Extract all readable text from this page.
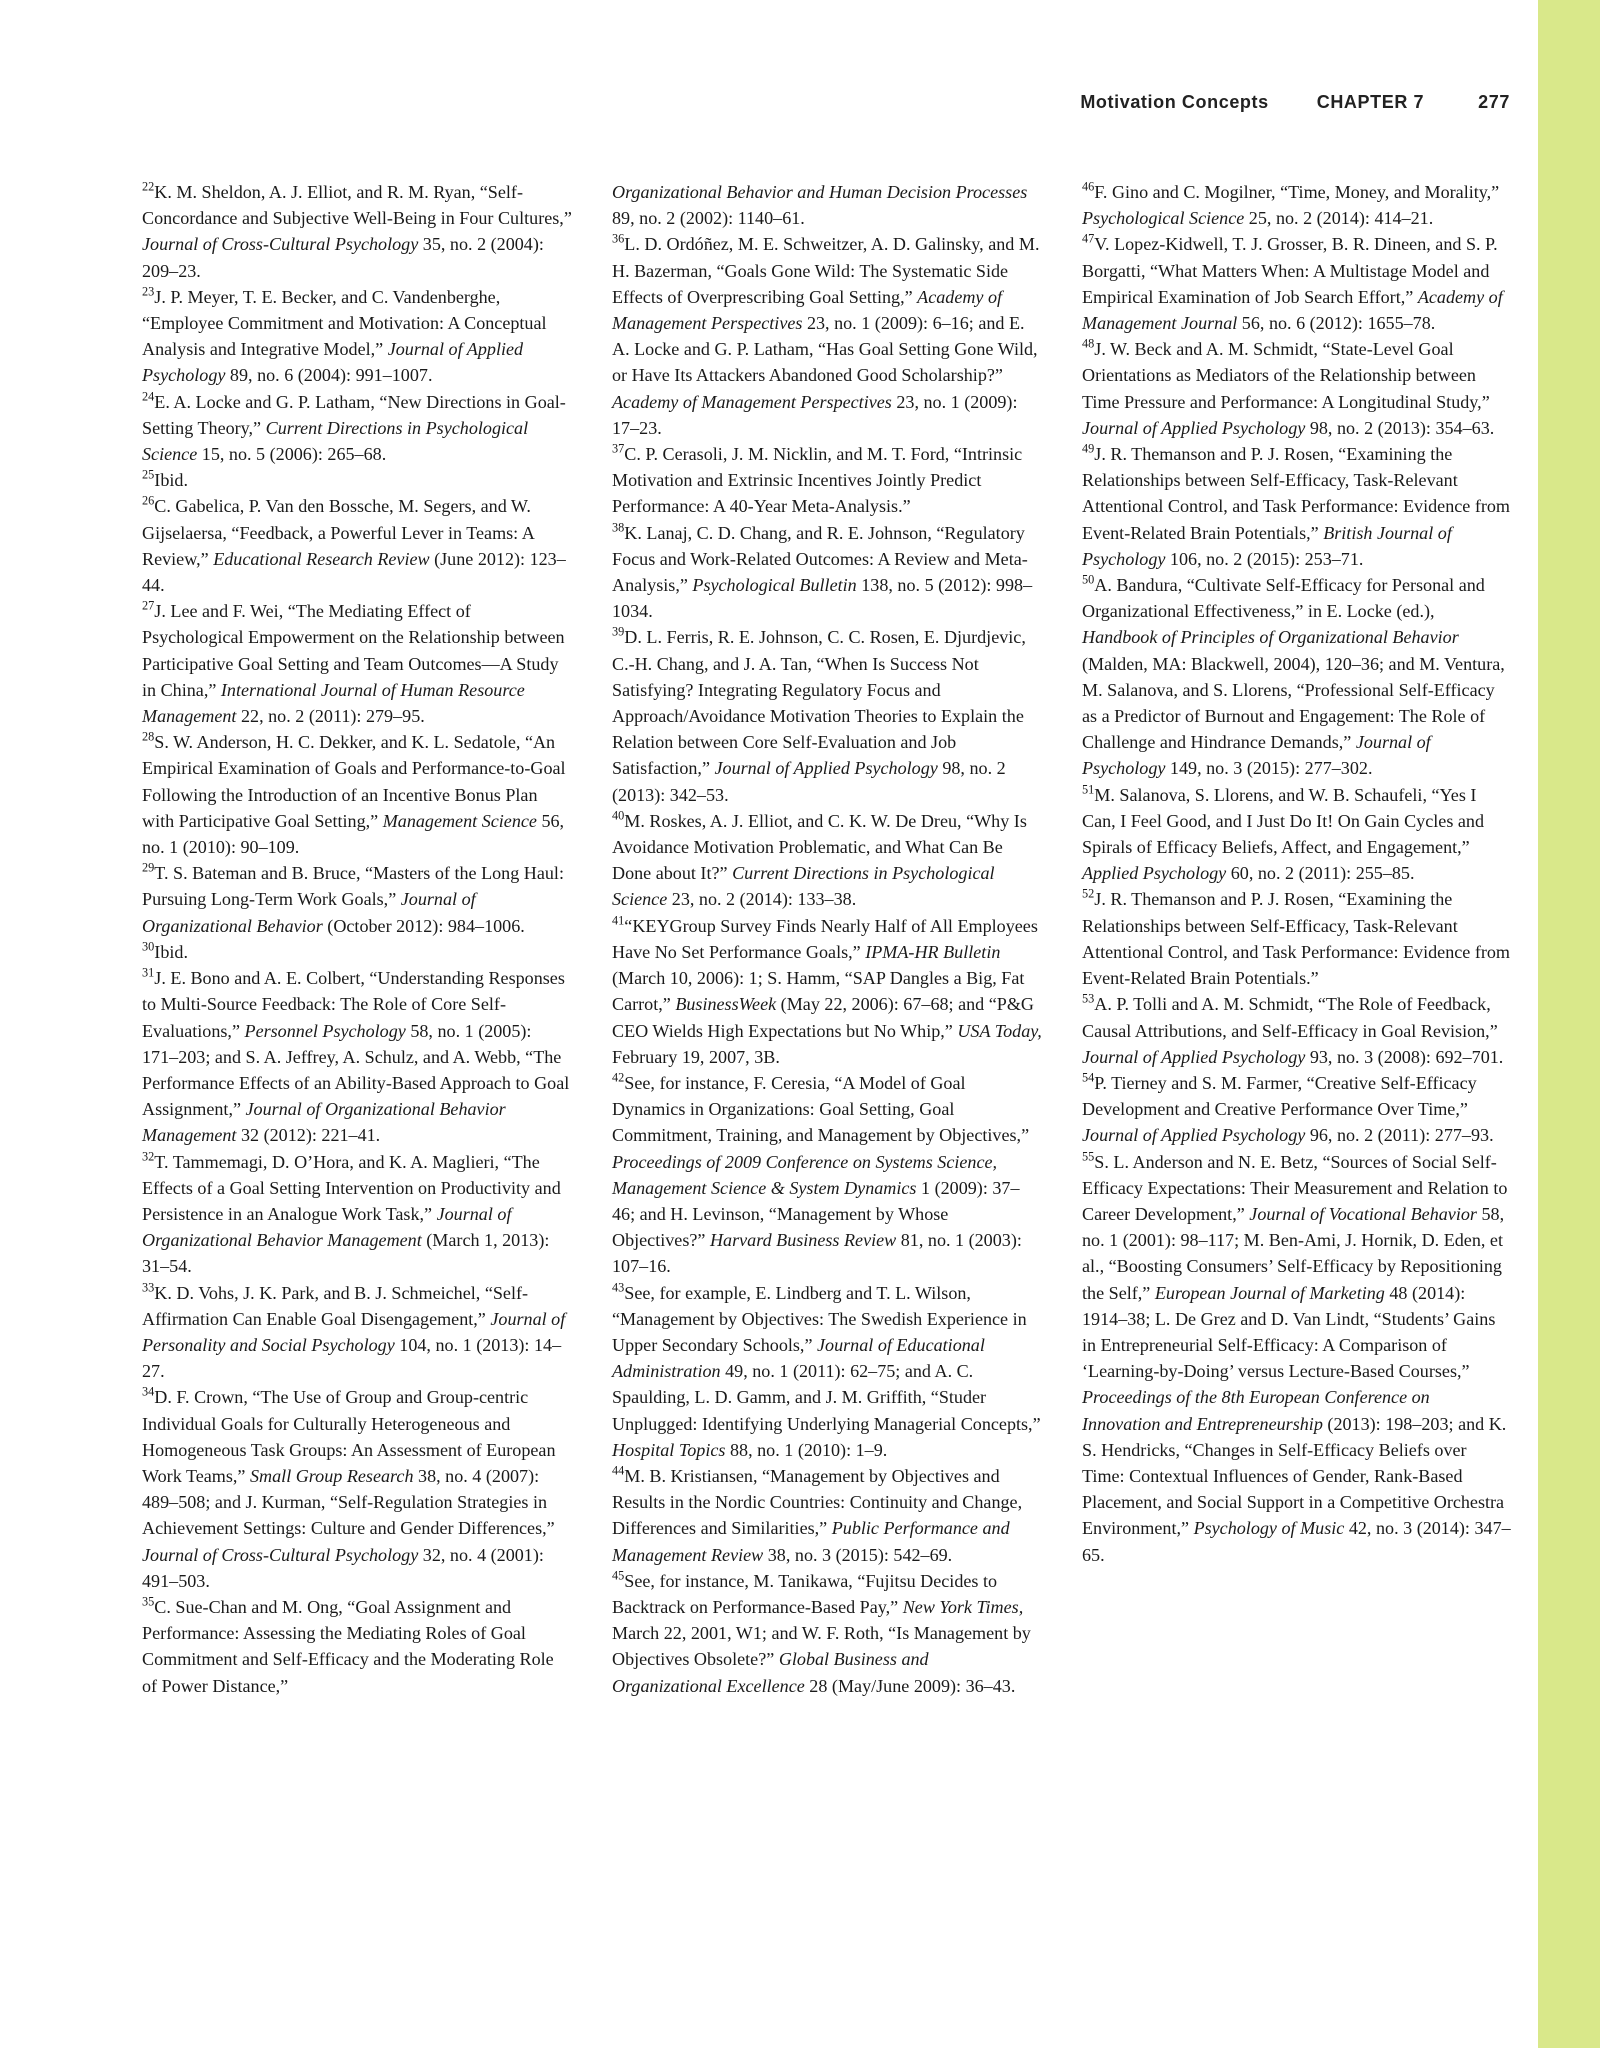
Motivation Concepts	CHAPTER 7	277

$^{22}$K. M. Sheldon, A. J. Elliot, and R. M. Ryan, “Self-Concordance and Subjective Well-Being in Four Cultures,” Journal of Cross-Cultural Psychology 35, no. 2 (2004): 209–23.

$^{23}$J. P. Meyer, T. E. Becker, and C. Vandenberghe, “Employee Commitment and Motivation: A Conceptual Analysis and Integrative Model,” Journal of Applied Psychology 89, no. 6 (2004): 991–1007.

$^{24}$E. A. Locke and G. P. Latham, “New Directions in Goal-Setting Theory,” Current Directions in Psychological Science 15, no. 5 (2006): 265–68.

$^{25}$Ibid.

$^{26}$C. Gabelica, P. Van den Bossche, M. Segers, and W. Gijselaersa, “Feedback, a Powerful Lever in Teams: A Review,” Educational Research Review (June 2012): 123–44.

$^{27}$J. Lee and F. Wei, “The Mediating Effect of Psychological Empowerment on the Relationship between Participative Goal Setting and Team Outcomes—A Study in China,” International Journal of Human Resource Management 22, no. 2 (2011): 279–95.

$^{28}$S. W. Anderson, H. C. Dekker, and K. L. Sedatole, “An Empirical Examination of Goals and Performance-to-Goal Following the Introduction of an Incentive Bonus Plan with Participative Goal Setting,” Management Science 56, no. 1 (2010): 90–109.

$^{29}$T. S. Bateman and B. Bruce, “Masters of the Long Haul: Pursuing Long-Term Work Goals,” Journal of Organizational Behavior (October 2012): 984–1006.

$^{30}$Ibid.

$^{31}$J. E. Bono and A. E. Colbert, “Understanding Responses to Multi-Source Feedback: The Role of Core Self-Evaluations,” Personnel Psychology 58, no. 1 (2005): 171–203; and S. A. Jeffrey, A. Schulz, and A. Webb, “The Performance Effects of an Ability-Based Approach to Goal Assignment,” Journal of Organizational Behavior Management 32 (2012): 221–41.

$^{32}$T. Tammemagi, D. O’Hora, and K. A. Maglieri, “The Effects of a Goal Setting Intervention on Productivity and Persistence in an Analogue Work Task,” Journal of Organizational Behavior Management (March 1, 2013): 31–54.

$^{33}$K. D. Vohs, J. K. Park, and B. J. Schmeichel, “Self-Affirmation Can Enable Goal Disengagement,” Journal of Personality and Social Psychology 104, no. 1 (2013): 14–27.

$^{34}$D. F. Crown, “The Use of Group and Group-centric Individual Goals for Culturally Heterogeneous and Homogeneous Task Groups: An Assessment of European Work Teams,” Small Group Research 38, no. 4 (2007): 489–508; and J. Kurman, “Self-Regulation Strategies in Achievement Settings: Culture and Gender Differences,” Journal of Cross-Cultural Psychology 32, no. 4 (2001): 491–503.

$^{35}$C. Sue-Chan and M. Ong, “Goal Assignment and Performance: Assessing the Mediating Roles of Goal Commitment and Self-Efficacy and the Moderating Role of Power Distance,”

Organizational Behavior and Human Decision Processes 89, no. 2 (2002): 1140–61.

$^{36}$L. D. Ordóñez, M. E. Schweitzer, A. D. Galinsky, and M. H. Bazerman, “Goals Gone Wild: The Systematic Side Effects of Overprescribing Goal Setting,” Academy of Management Perspectives 23, no. 1 (2009): 6–16; and E. A. Locke and G. P. Latham, “Has Goal Setting Gone Wild, or Have Its Attackers Abandoned Good Scholarship?” Academy of Management Perspectives 23, no. 1 (2009): 17–23.

$^{37}$C. P. Cerasoli, J. M. Nicklin, and M. T. Ford, “Intrinsic Motivation and Extrinsic Incentives Jointly Predict Performance: A 40-Year Meta-Analysis.”

$^{38}$K. Lanaj, C. D. Chang, and R. E. Johnson, “Regulatory Focus and Work-Related Outcomes: A Review and Meta-Analysis,” Psychological Bulletin 138, no. 5 (2012): 998–1034.

$^{39}$D. L. Ferris, R. E. Johnson, C. C. Rosen, E. Djurdjevic, C.-H. Chang, and J. A. Tan, “When Is Success Not Satisfying? Integrating Regulatory Focus and Approach/Avoidance Motivation Theories to Explain the Relation between Core Self-Evaluation and Job Satisfaction,” Journal of Applied Psychology 98, no. 2 (2013): 342–53.

$^{40}$M. Roskes, A. J. Elliot, and C. K. W. De Dreu, “Why Is Avoidance Motivation Problematic, and What Can Be Done about It?” Current Directions in Psychological Science 23, no. 2 (2014): 133–38.

$^{41}$“KEYGroup Survey Finds Nearly Half of All Employees Have No Set Performance Goals,” IPMA-HR Bulletin (March 10, 2006): 1; S. Hamm, “SAP Dangles a Big, Fat Carrot,” BusinessWeek (May 22, 2006): 67–68; and “P&G CEO Wields High Expectations but No Whip,” USA Today, February 19, 2007, 3B.

$^{42}$See, for instance, F. Ceresia, “A Model of Goal Dynamics in Organizations: Goal Setting, Goal Commitment, Training, and Management by Objectives,” Proceedings of 2009 Conference on Systems Science, Management Science & System Dynamics 1 (2009): 37–46; and H. Levinson, “Management by Whose Objectives?” Harvard Business Review 81, no. 1 (2003): 107–16.

$^{43}$See, for example, E. Lindberg and T. L. Wilson, “Management by Objectives: The Swedish Experience in Upper Secondary Schools,” Journal of Educational Administration 49, no. 1 (2011): 62–75; and A. C. Spaulding, L. D. Gamm, and J. M. Griffith, “Studer Unplugged: Identifying Underlying Managerial Concepts,” Hospital Topics 88, no. 1 (2010): 1–9.

$^{44}$M. B. Kristiansen, “Management by Objectives and Results in the Nordic Countries: Continuity and Change, Differences and Similarities,” Public Performance and Management Review 38, no. 3 (2015): 542–69.

$^{45}$See, for instance, M. Tanikawa, “Fujitsu Decides to Backtrack on Performance-Based Pay,” New York Times, March 22, 2001, W1; and W. F. Roth, “Is Management by Objectives Obsolete?” Global Business and Organizational Excellence 28 (May/June 2009): 36–43.

$^{46}$F. Gino and C. Mogilner, “Time, Money, and Morality,” Psychological Science 25, no. 2 (2014): 414–21.

$^{47}$V. Lopez-Kidwell, T. J. Grosser, B. R. Dineen, and S. P. Borgatti, “What Matters When: A Multistage Model and Empirical Examination of Job Search Effort,” Academy of Management Journal 56, no. 6 (2012): 1655–78.

$^{48}$J. W. Beck and A. M. Schmidt, “State-Level Goal Orientations as Mediators of the Relationship between Time Pressure and Performance: A Longitudinal Study,” Journal of Applied Psychology 98, no. 2 (2013): 354–63.

$^{49}$J. R. Themanson and P. J. Rosen, “Examining the Relationships between Self-Efficacy, Task-Relevant Attentional Control, and Task Performance: Evidence from Event-Related Brain Potentials,” British Journal of Psychology 106, no. 2 (2015): 253–71.

$^{50}$A. Bandura, “Cultivate Self-Efficacy for Personal and Organizational Effectiveness,” in E. Locke (ed.), Handbook of Principles of Organizational Behavior (Malden, MA: Blackwell, 2004), 120–36; and M. Ventura, M. Salanova, and S. Llorens, “Professional Self-Efficacy as a Predictor of Burnout and Engagement: The Role of Challenge and Hindrance Demands,” Journal of Psychology 149, no. 3 (2015): 277–302.

$^{51}$M. Salanova, S. Llorens, and W. B. Schaufeli, “Yes I Can, I Feel Good, and I Just Do It! On Gain Cycles and Spirals of Efficacy Beliefs, Affect, and Engagement,” Applied Psychology 60, no. 2 (2011): 255–85.

$^{52}$J. R. Themanson and P. J. Rosen, “Examining the Relationships between Self-Efficacy, Task-Relevant Attentional Control, and Task Performance: Evidence from Event-Related Brain Potentials.”

$^{53}$A. P. Tolli and A. M. Schmidt, “The Role of Feedback, Causal Attributions, and Self-Efficacy in Goal Revision,” Journal of Applied Psychology 93, no. 3 (2008): 692–701.

$^{54}$P. Tierney and S. M. Farmer, “Creative Self-Efficacy Development and Creative Performance Over Time,” Journal of Applied Psychology 96, no. 2 (2011): 277–93.

$^{55}$S. L. Anderson and N. E. Betz, “Sources of Social Self-Efficacy Expectations: Their Measurement and Relation to Career Development,” Journal of Vocational Behavior 58, no. 1 (2001): 98–117; M. Ben-Ami, J. Hornik, D. Eden, et al., “Boosting Consumers’ Self-Efficacy by Repositioning the Self,” European Journal of Marketing 48 (2014): 1914–38; L. De Grez and D. Van Lindt, “Students’ Gains in Entrepreneurial Self-Efficacy: A Comparison of ‘Learning-by-Doing’ versus Lecture-Based Courses,” Proceedings of the 8th European Conference on Innovation and Entrepreneurship (2013): 198–203; and K. S. Hendricks, “Changes in Self-Efficacy Beliefs over Time: Contextual Influences of Gender, Rank-Based Placement, and Social Support in a Competitive Orchestra Environment,” Psychology of Music 42, no. 3 (2014): 347–65.
